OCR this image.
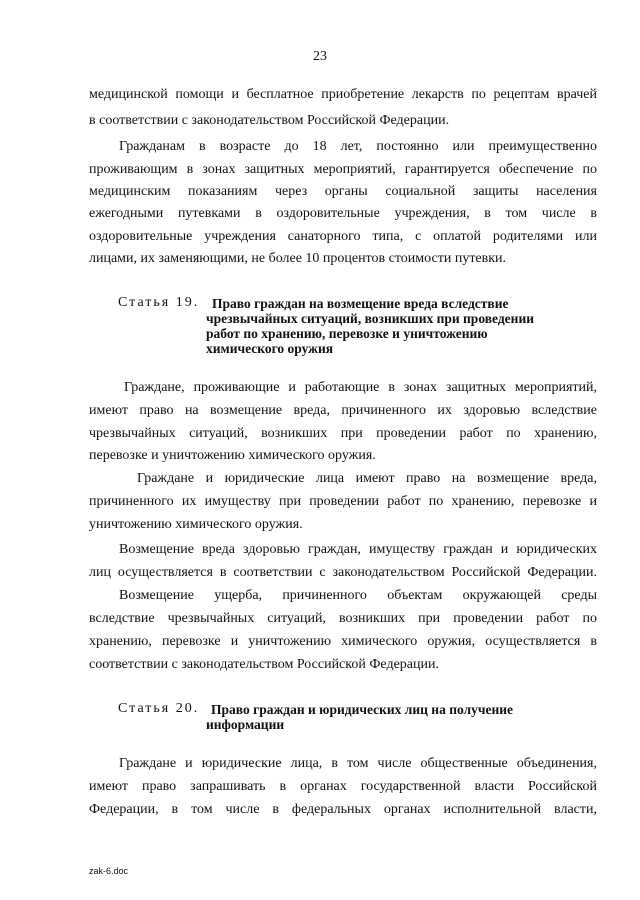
23
медицинской помощи и бесплатное приобретение лекарств по рецептам врачей
в соответствии с законодательством Российской Федерации.
Гражданам в возрасте до 18 лет, постоянно или преимущественно
проживающим в зонах защитных мероприятий, гарантируется обеспечение по
медицинским показаниям через органы социальной защиты населения
ежегодными путевками в оздоровительные учреждения, в том числе в
оздоровительные учреждения санаторного типа, с оплатой родителями или
лицами, их заменяющими, не более 10 процентов стоимости путевки.
Статья 19. Право граждан на возмещение вреда вследствие
чрезвычайных ситуаций, возникших при проведении
работ по хранению, перевозке и уничтожению
химического оружия
Граждане, проживающие и работающие в зонах защитных мероприятий,
имеют право на возмещение вреда, причиненного их здоровью вследствие
чрезвычайных ситуаций, возникших при проведении работ по хранению,
перевозке и уничтожению химического оружия.
Граждане и юридические лица имеют право на возмещение вреда,
причиненного их имуществу при проведении работ по хранению, перевозке и
уничтожению химического оружия.
Возмещение вреда здоровью граждан, имуществу граждан и юридических
лиц осуществляется в соответствии с законодательством Российской Федерации.
Возмещение ущерба, причиненного объектам окружающей среды
вследствие чрезвычайных ситуаций, возникших при проведении работ по
хранению, перевозке и уничтожению химического оружия, осуществляется в
соответствии с законодательством Российской Федерации.
Статья 20. Право граждан и юридических лиц на получение
информации
Граждане и юридические лица, в том числе общественные объединения,
имеют право запрашивать в органах государственной власти Российской
Федерации, в том числе в федеральных органах исполнительной власти,
zak-6.doc
